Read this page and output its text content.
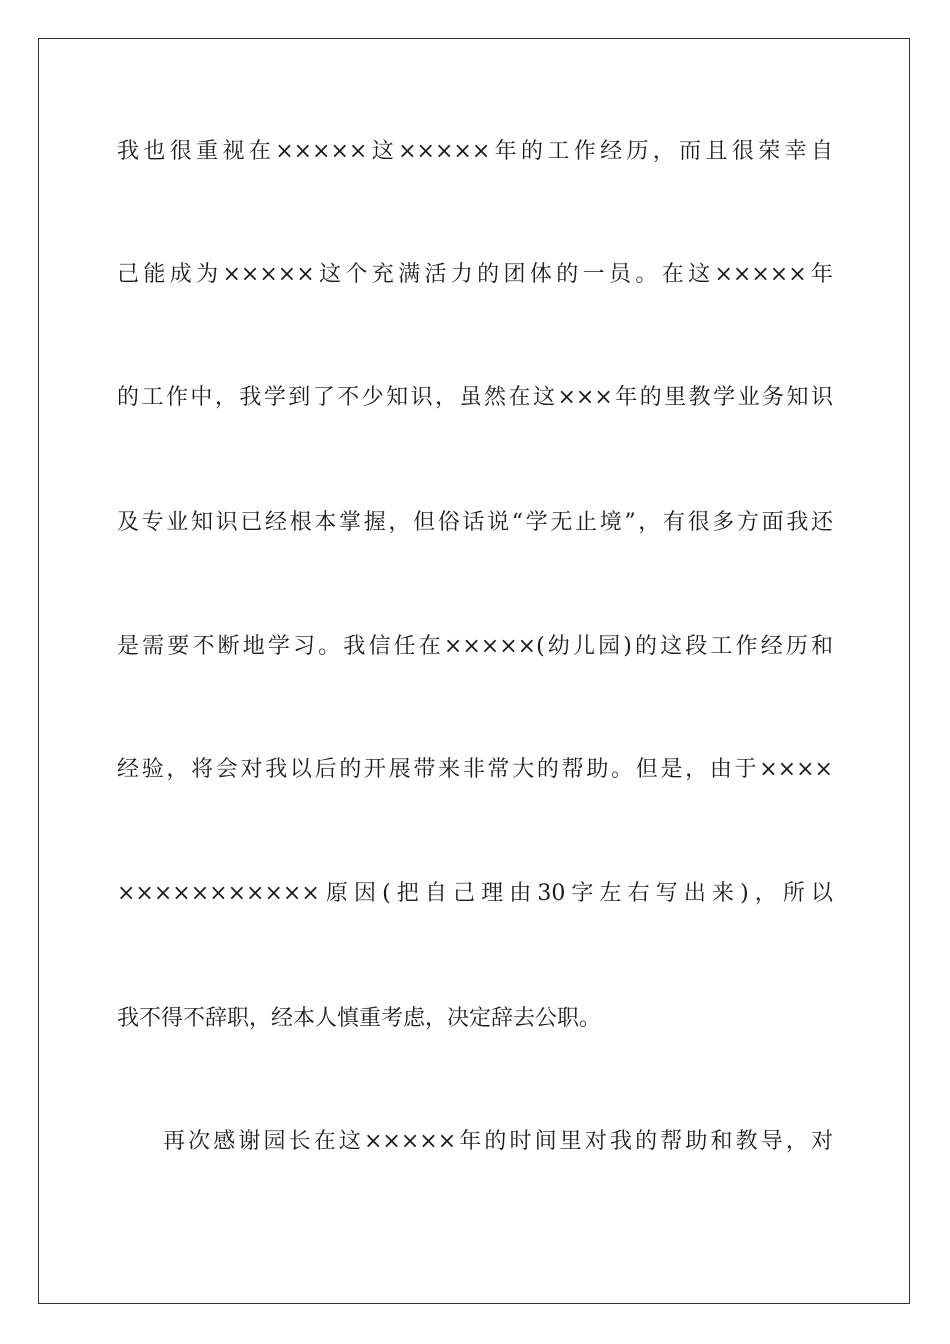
我也很重视在×××××这×××××年的工作经历，而且很荣幸自

己能成为×××××这个充满活力的团体的一员。在这×××××年

的工作中，我学到了不少知识，虽然在这×××年的里教学业务知识

及专业知识已经根本掌握，但俗话说“学无止境”，有很多方面我还

是需要不断地学习。我信任在×××××(幼儿园)的这段工作经历和

经验，将会对我以后的开展带来非常大的帮助。但是，由于××××

×××××××××××原因(把自己理由30字左右写出来)，所以

我不得不辞职，经本人慎重考虑，决定辞去公职。

再次感谢园长在这×××××年的时间里对我的帮助和教导，对
